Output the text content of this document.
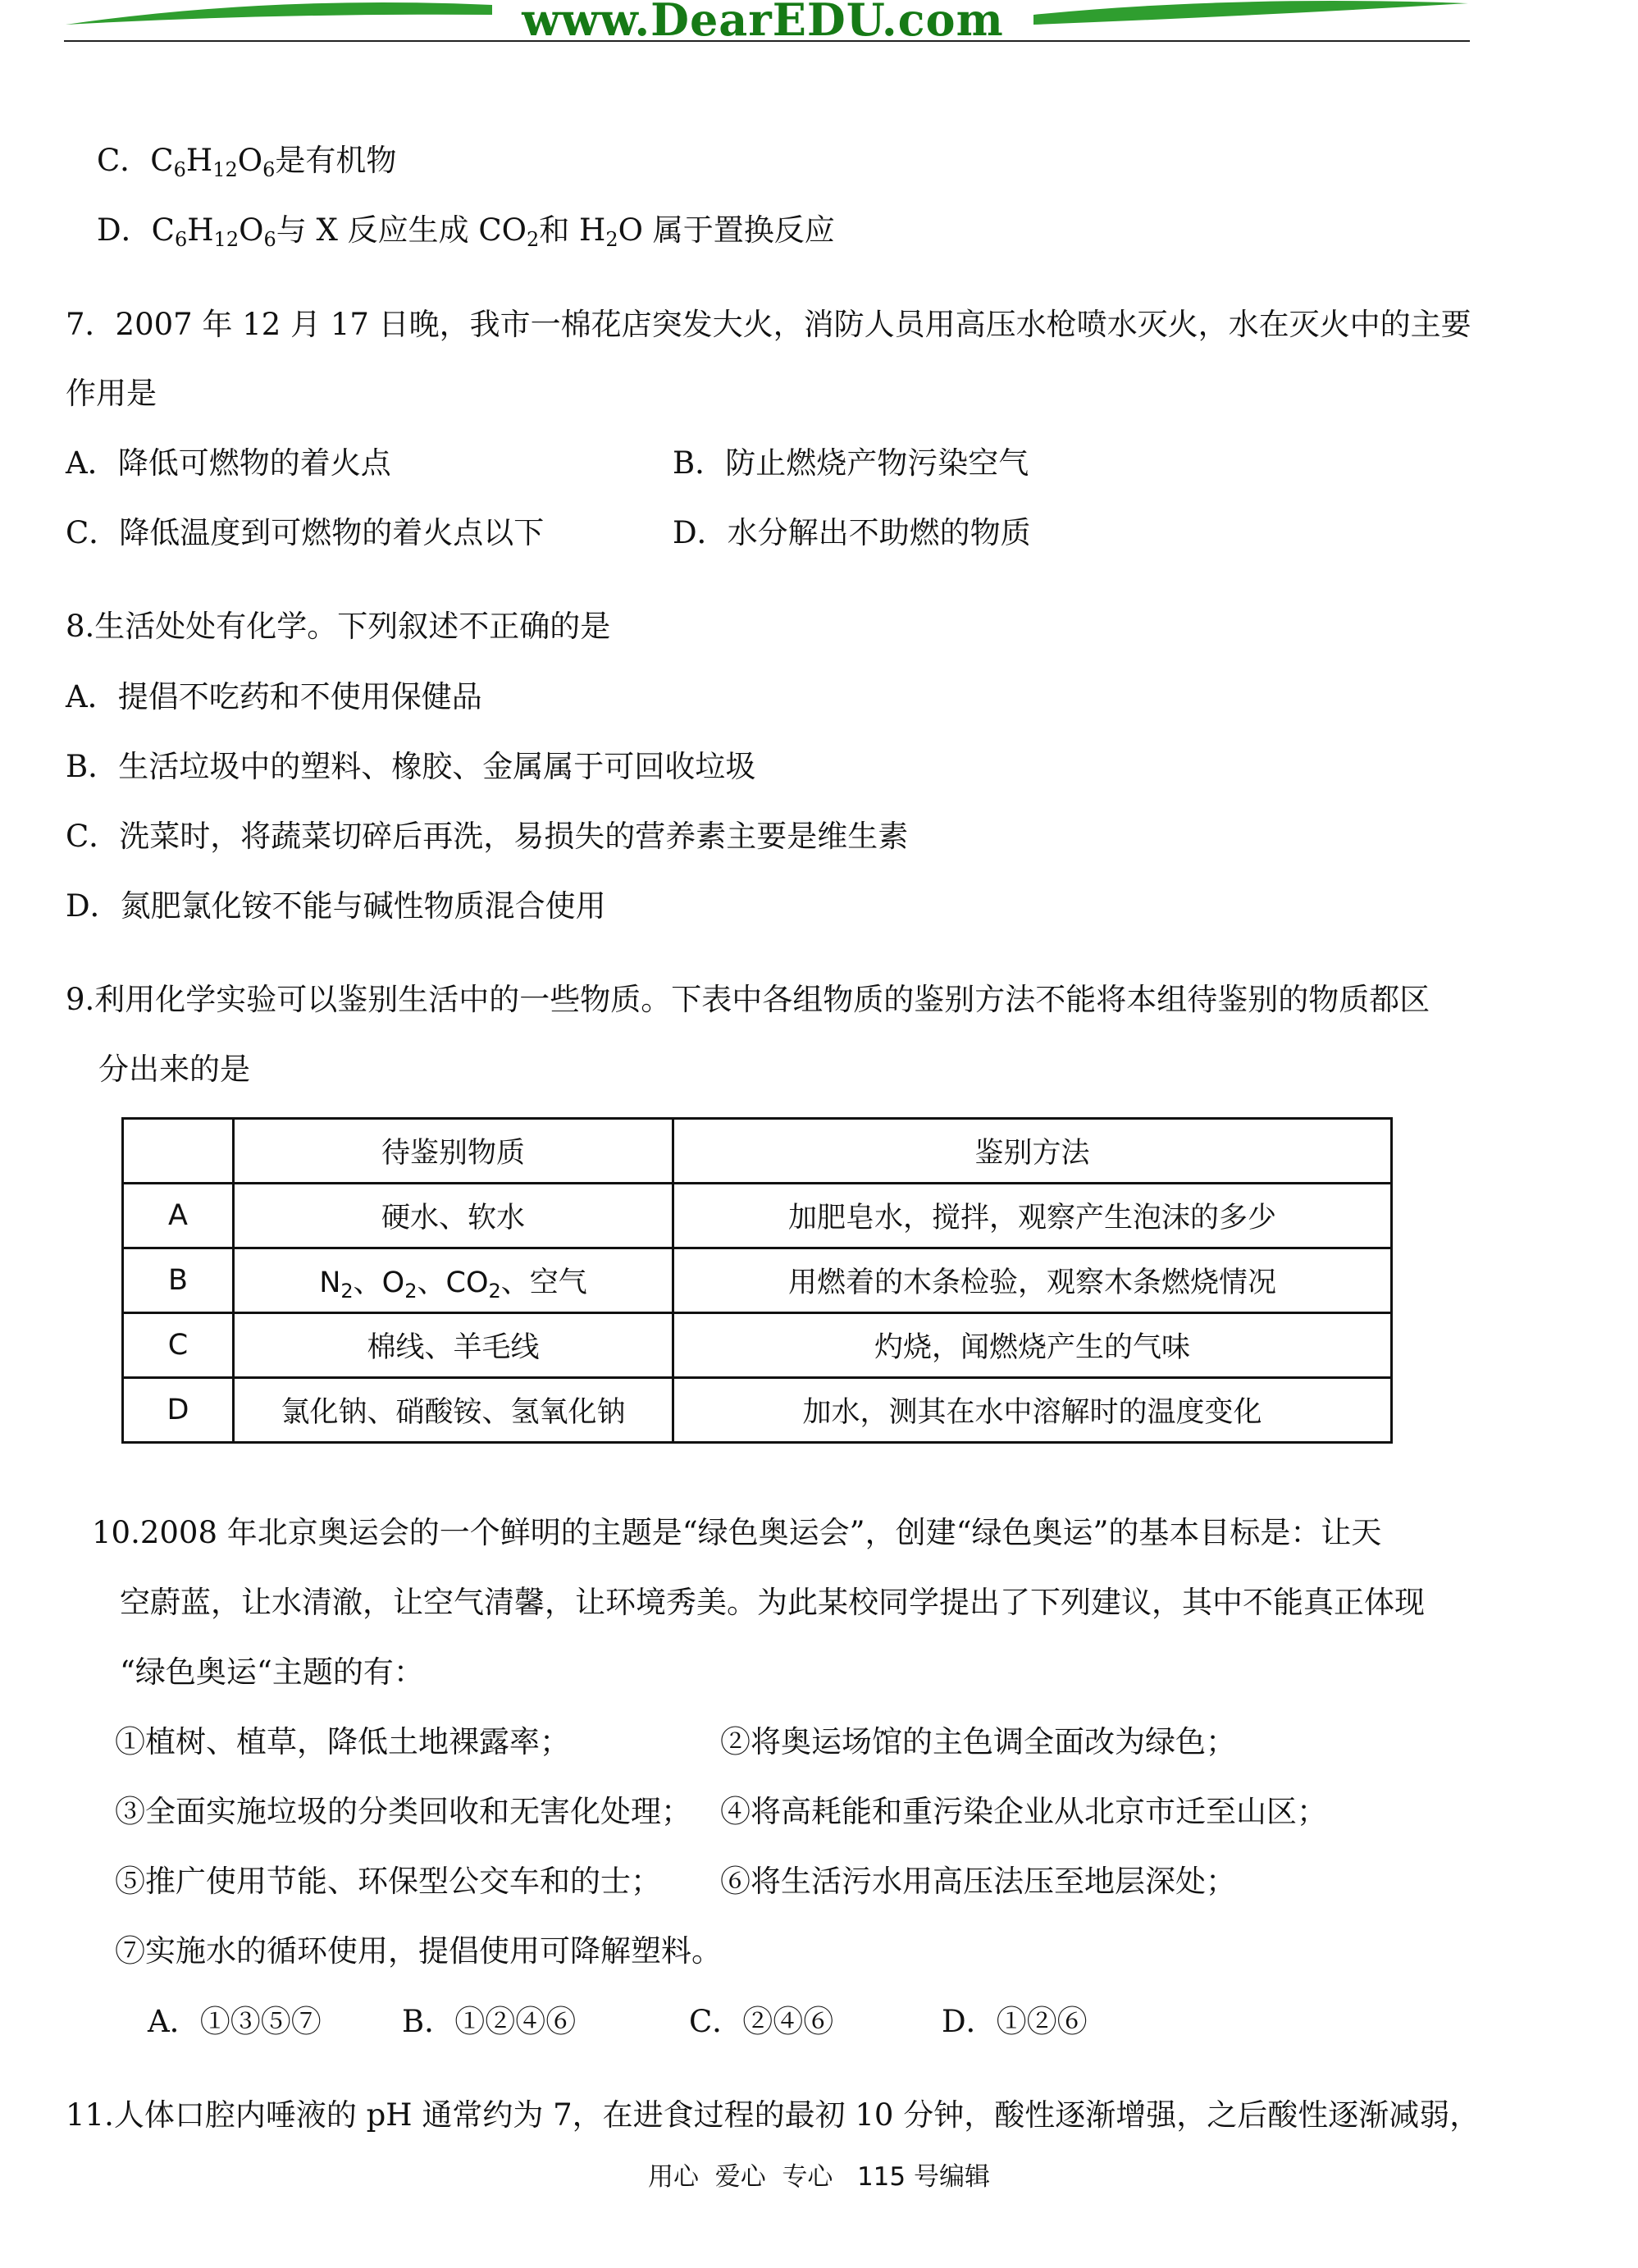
www.DearEDU.com
C．$C_6H_{12}O_6$是有机物
D．$C_6H_{12}O_6$与 X 反应生成 $CO_2$和 $H_2O$ 属于置换反应
7．2007 年 12 月 17 日晚，我市一棉花店突发大火，消防人员用高压水枪喷水灭火，水在灭火中的主要
作用是
A．降低可燃物的着火点	B．防止燃烧产物污染空气
C．降低温度到可燃物的着火点以下	D．水分解出不助燃的物质
8.生活处处有化学。下列叙述不正确的是
A．提倡不吃药和不使用保健品
B．生活垃圾中的塑料、橡胶、金属属于可回收垃圾
C．洗菜时，将蔬菜切碎后再洗，易损失的营养素主要是维生素
D．氮肥氯化铵不能与碱性物质混合使用
9.利用化学实验可以鉴别生活中的一些物质。下表中各组物质的鉴别方法不能将本组待鉴别的物质都区
分出来的是
	待鉴别物质	鉴别方法
A	硬水、软水	加肥皂水，搅拌，观察产生泡沫的多少
B	$N_2$、$O_2$、$CO_2$、空气	用燃着的木条检验，观察木条燃烧情况
C	棉线、羊毛线	灼烧，闻燃烧产生的气味
D	氯化钠、硝酸铵、氢氧化钠	加水，测其在水中溶解时的温度变化
10.2008 年北京奥运会的一个鲜明的主题是“绿色奥运会”，创建“绿色奥运”的基本目标是：让天
空蔚蓝，让水清澈，让空气清馨，让环境秀美。为此某校同学提出了下列建议，其中不能真正体现
“绿色奥运“主题的有：
①植树、植草，降低土地裸露率；	②将奥运场馆的主色调全面改为绿色；
③全面实施垃圾的分类回收和无害化处理； ④将高耗能和重污染企业从北京市迁至山区；
⑤推广使用节能、环保型公交车和的士； ⑥将生活污水用高压法压至地层深处；
⑦实施水的循环使用，提倡使用可降解塑料。
A．①③⑤⑦	B．①②④⑥	C．②④⑥	D．①②⑥
11.人体口腔内唾液的 pH 通常约为 7，在进食过程的最初 10 分钟，酸性逐渐增强，之后酸性逐渐减弱，
用心  爱心  专心   115 号编辑
